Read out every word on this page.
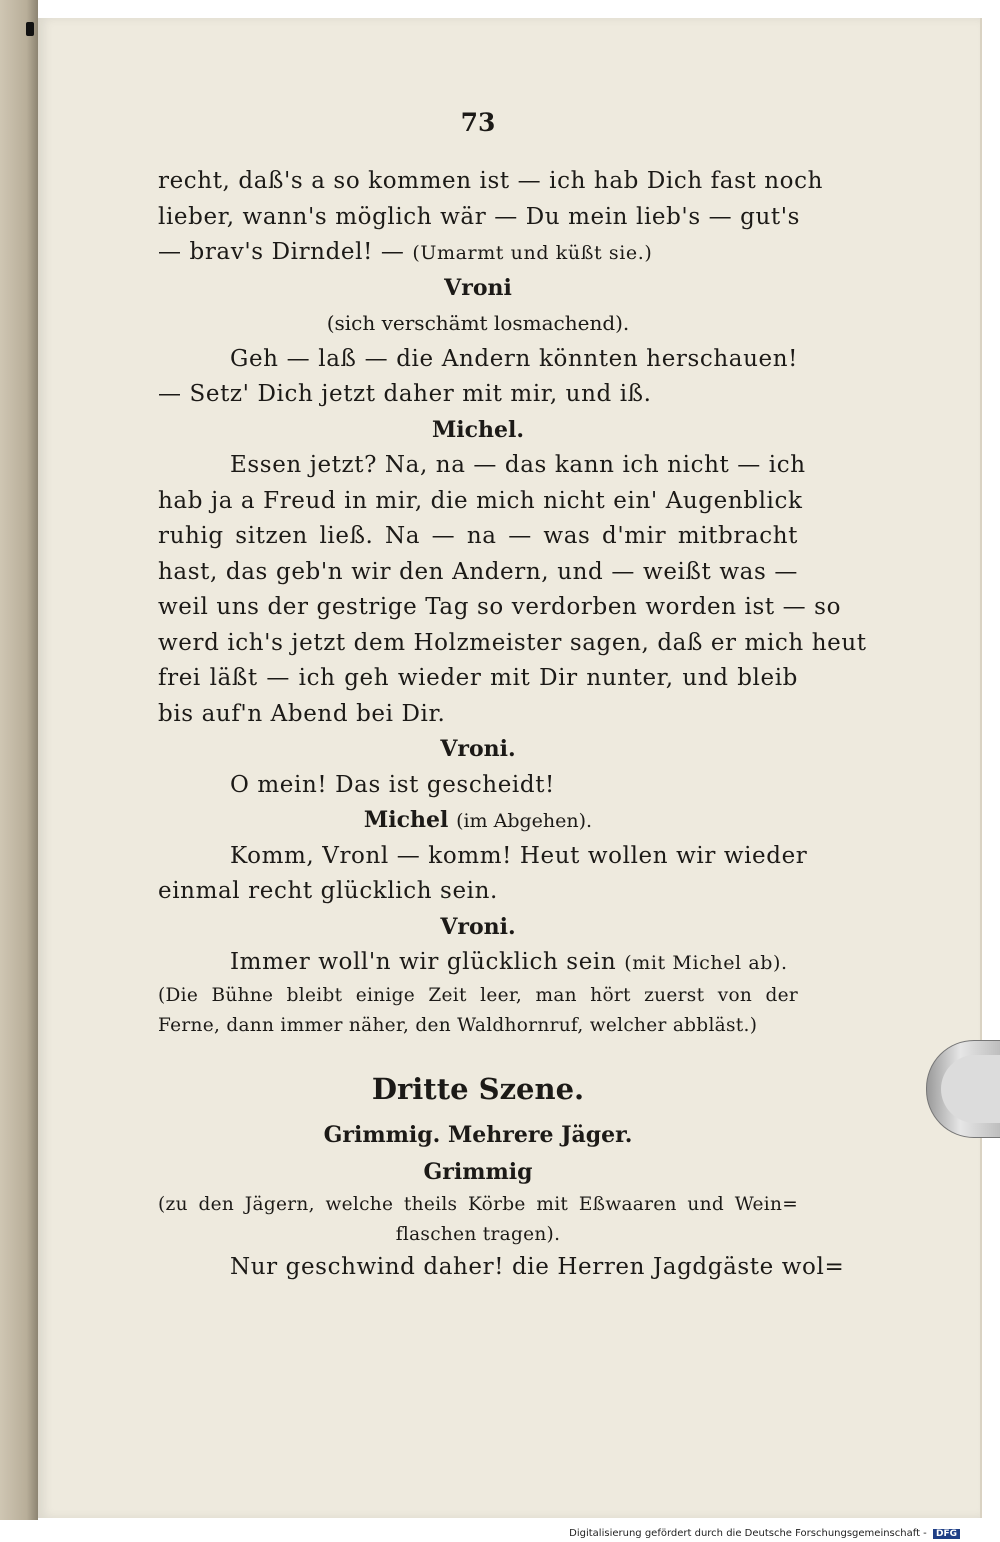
73
recht, daß's a so kommen ist — ich hab Dich fast noch
lieber, wann's möglich wär — Du mein lieb's — gut's
— brav's Dirndel! — (Umarmt und küßt sie.)
Vroni
(sich verschämt losmachend).
Geh — laß — die Andern könnten herschauen!
— Setz' Dich jetzt daher mit mir, und iß.
Michel.
Essen jetzt? Na, na — das kann ich nicht — ich
hab ja a Freud in mir, die mich nicht ein' Augenblick
ruhig sitzen ließ. Na — na — was d'mir mitbracht
hast, das geb'n wir den Andern, und — weißt was —
weil uns der gestrige Tag so verdorben worden ist — so
werd ich's jetzt dem Holzmeister sagen, daß er mich heut
frei läßt — ich geh wieder mit Dir nunter, und bleib
bis auf'n Abend bei Dir.
Vroni.
O mein! Das ist gescheidt!
Michel (im Abgehen).
Komm, Vronl — komm! Heut wollen wir wieder
einmal recht glücklich sein.
Vroni.
Immer woll'n wir glücklich sein (mit Michel ab).
(Die Bühne bleibt einige Zeit leer, man hört zuerst von der
Ferne, dann immer näher, den Waldhornruf, welcher abbläst.)
Dritte Szene.
Grimmig. Mehrere Jäger.
Grimmig
(zu den Jägern, welche theils Körbe mit Eßwaaren und Wein=
flaschen tragen).
Nur geschwind daher! die Herren Jagdgäste wol=
Digitalisierung gefördert durch die Deutsche Forschungsgemeinschaft - DFG
